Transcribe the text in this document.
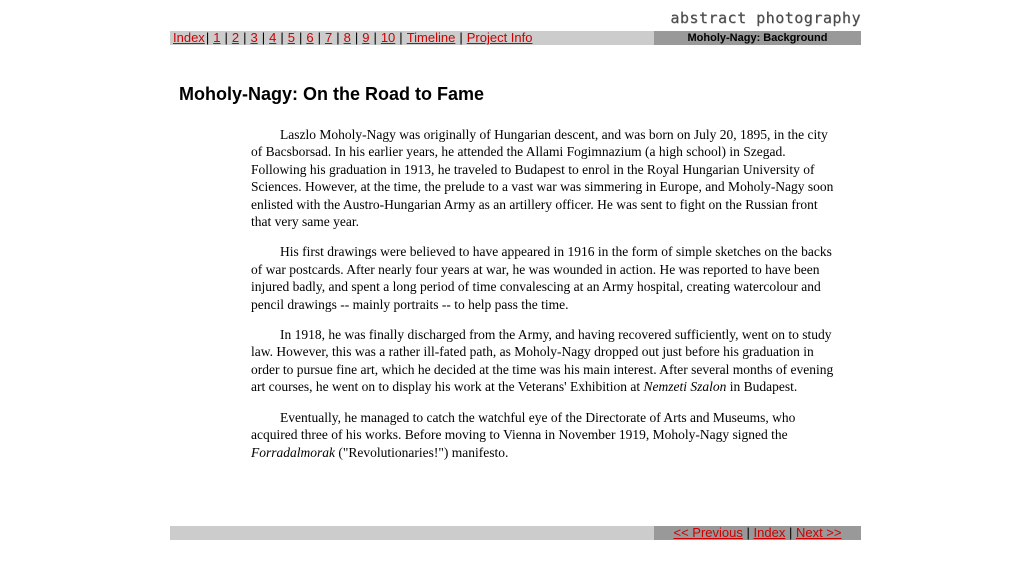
abstract photography
Index| 1 | 2 | 3 | 4 | 5 | 6 | 7 | 8 | 9 | 10 | Timeline | Project Info	Moholy-Nagy: Background
Moholy-Nagy: On the Road to Fame

Laszlo Moholy-Nagy was originally of Hungarian descent, and was born on July 20, 1895, in the city of Bacsborsad. In his earlier years, he attended the Allami Fogimnazium (a high school) in Szegad. Following his graduation in 1913, he traveled to Budapest to enrol in the Royal Hungarian University of Sciences. However, at the time, the prelude to a vast war was simmering in Europe, and Moholy-Nagy soon enlisted with the Austro-Hungarian Army as an artillery officer. He was sent to fight on the Russian front that very same year.

His first drawings were believed to have appeared in 1916 in the form of simple sketches on the backs of war postcards. After nearly four years at war, he was wounded in action. He was reported to have been injured badly, and spent a long period of time convalescing at an Army hospital, creating watercolour and pencil drawings -- mainly portraits -- to help pass the time.

In 1918, he was finally discharged from the Army, and having recovered sufficiently, went on to study law. However, this was a rather ill-fated path, as Moholy-Nagy dropped out just before his graduation in order to pursue fine art, which he decided at the time was his main interest. After several months of evening art courses, he went on to display his work at the Veterans' Exhibition at Nemzeti Szalon in Budapest.

Eventually, he managed to catch the watchful eye of the Directorate of Arts and Museums, who acquired three of his works. Before moving to Vienna in November 1919, Moholy-Nagy signed the Forradalmorak ("Revolutionaries!") manifesto.

<< Previous | Index | Next >>
